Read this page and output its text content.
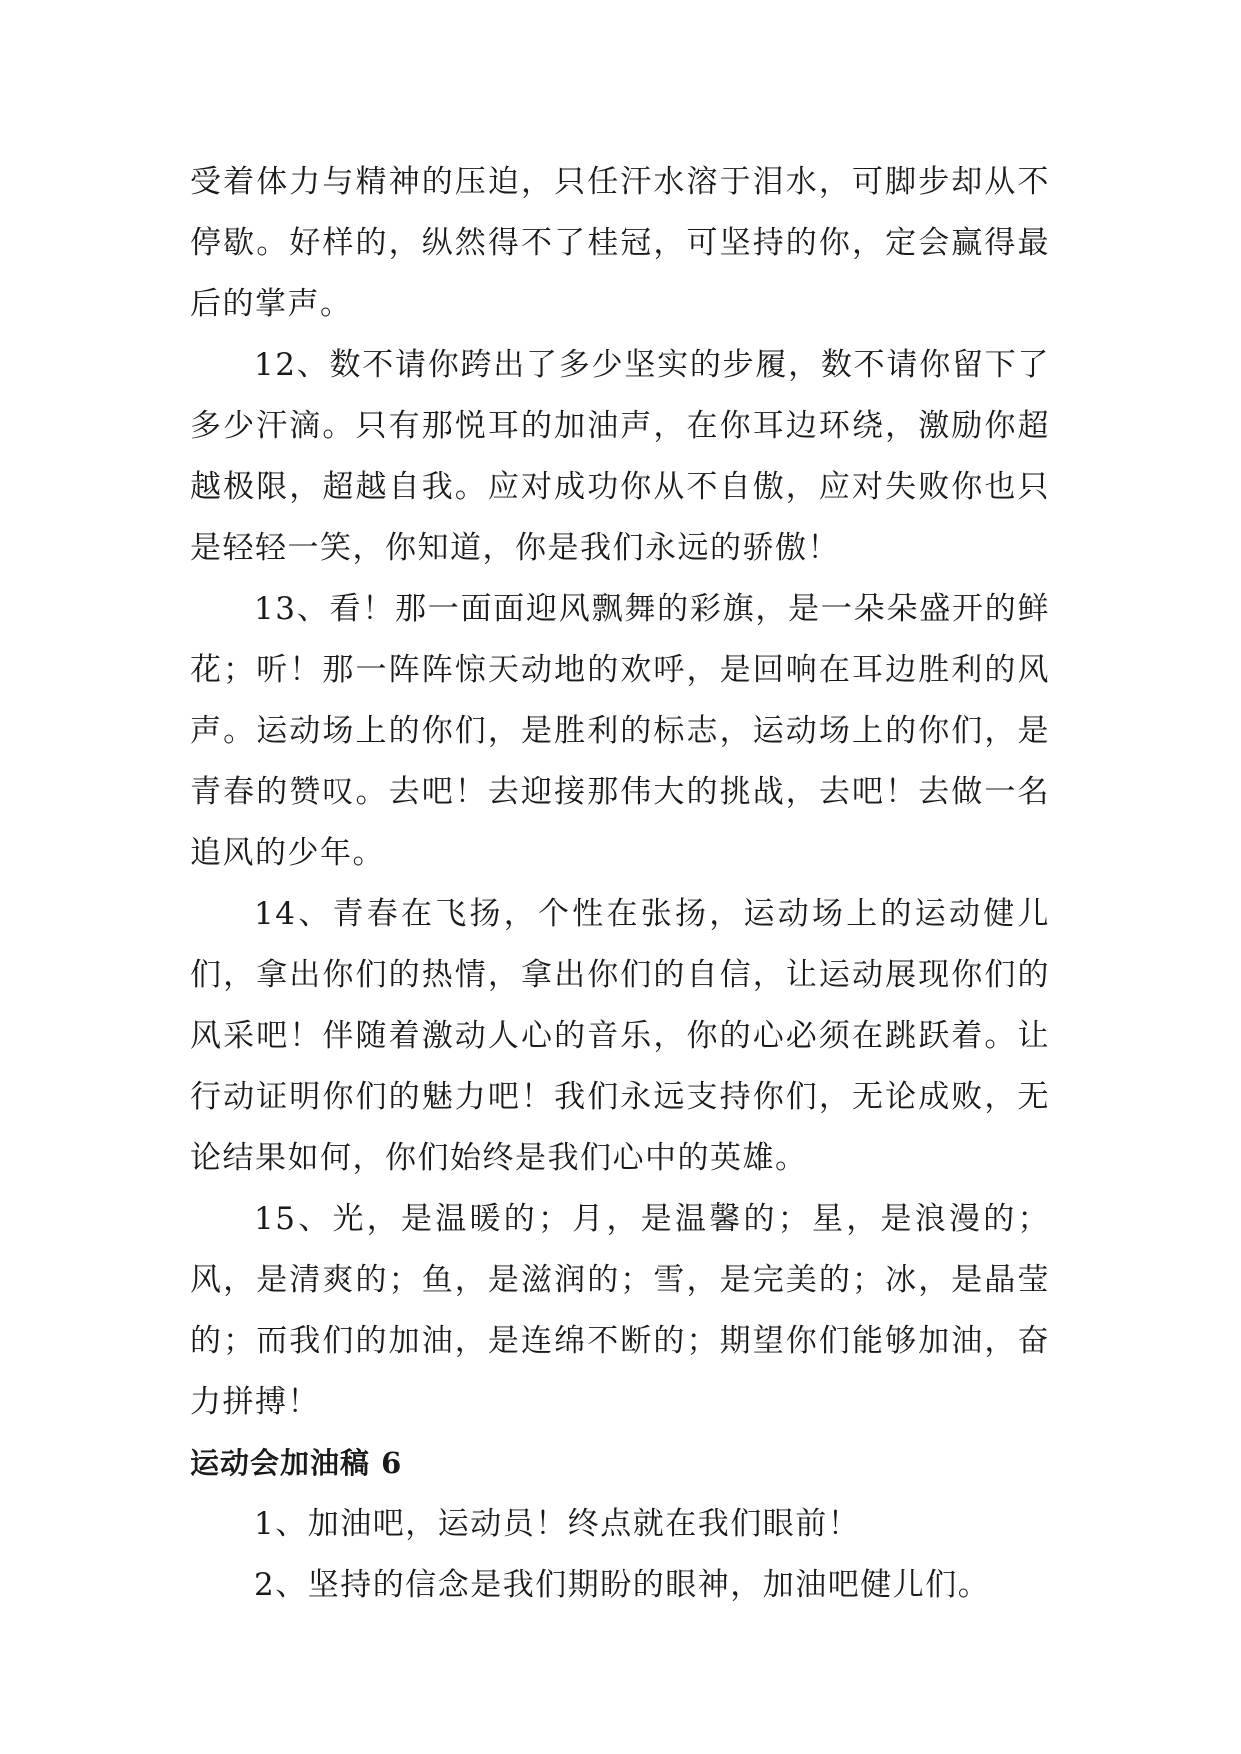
受着体力与精神的压迫，只任汗水溶于泪水，可脚步却从不停歇。好样的，纵然得不了桂冠，可坚持的你，定会赢得最后的掌声。

12、数不请你跨出了多少坚实的步履，数不请你留下了多少汗滴。只有那悦耳的加油声，在你耳边环绕，激励你超越极限，超越自我。应对成功你从不自傲，应对失败你也只是轻轻一笑，你知道，你是我们永远的骄傲！

13、看！那一面面迎风飘舞的彩旗，是一朵朵盛开的鲜花；听！那一阵阵惊天动地的欢呼，是回响在耳边胜利的风声。运动场上的你们，是胜利的标志，运动场上的你们，是青春的赞叹。去吧！去迎接那伟大的挑战，去吧！去做一名追风的少年。

14、青春在飞扬，个性在张扬，运动场上的运动健儿们，拿出你们的热情，拿出你们的自信，让运动展现你们的风采吧！伴随着激动人心的音乐，你的心必须在跳跃着。让行动证明你们的魅力吧！我们永远支持你们，无论成败，无论结果如何，你们始终是我们心中的英雄。

15、光，是温暖的；月，是温馨的；星，是浪漫的；风，是清爽的；鱼，是滋润的；雪，是完美的；冰，是晶莹的；而我们的加油，是连绵不断的；期望你们能够加油，奋力拼搏！

运动会加油稿 6

1、加油吧，运动员！终点就在我们眼前！

2、坚持的信念是我们期盼的眼神，加油吧健儿们。
